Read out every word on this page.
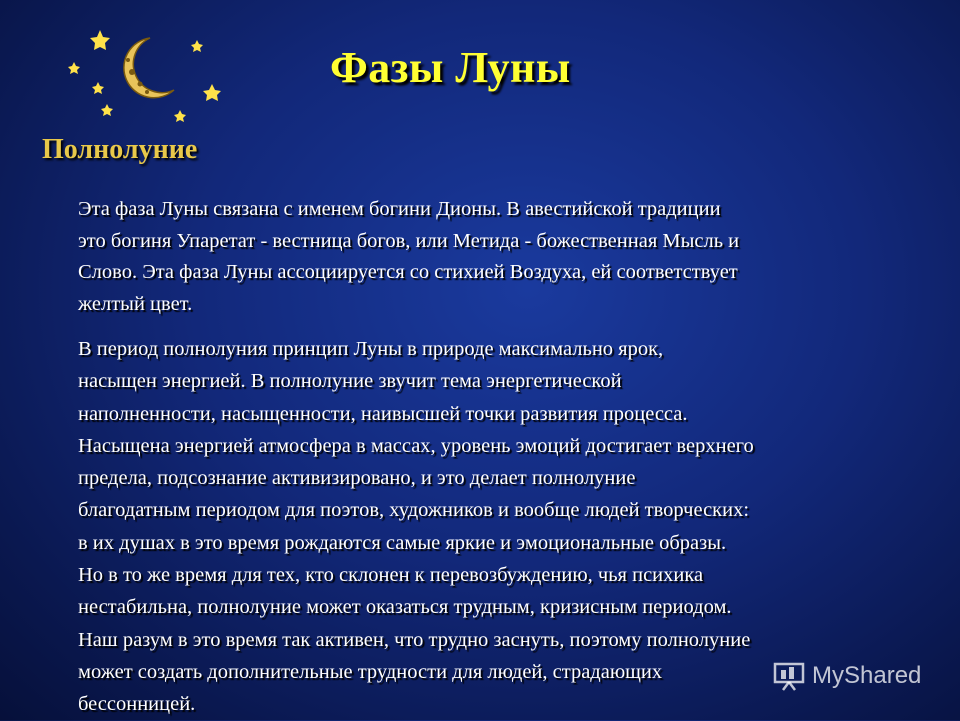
Фазы Луны
Полнолуние

Эта фаза Луны связана с именем богини Дионы. В авестийской традиции
это богиня Упаретат - вестница богов, или Метида - божественная Мысль и
Слово. Эта фаза Луны ассоциируется со стихией Воздуха, ей соответствует
желтый цвет.

В период полнолуния принцип Луны в природе максимально ярок,
насыщен энергией. В полнолуние звучит тема энергетической
наполненности, насыщенности, наивысшей точки развития процесса.
Насыщена энергией атмосфера в массах, уровень эмоций достигает верхнего
предела, подсознание активизировано, и это делает полнолуние
благодатным периодом для поэтов, художников и вообще людей творческих:
в их душах в это время рождаются самые яркие и эмоциональные образы.
Но в то же время для тех, кто склонен к перевозбуждению, чья психика
нестабильна, полнолуние может оказаться трудным, кризисным периодом.
Наш разум в это время так активен, что трудно заснуть, поэтому полнолуние
может создать дополнительные трудности для людей, страдающих
бессонницей.

MyShared
